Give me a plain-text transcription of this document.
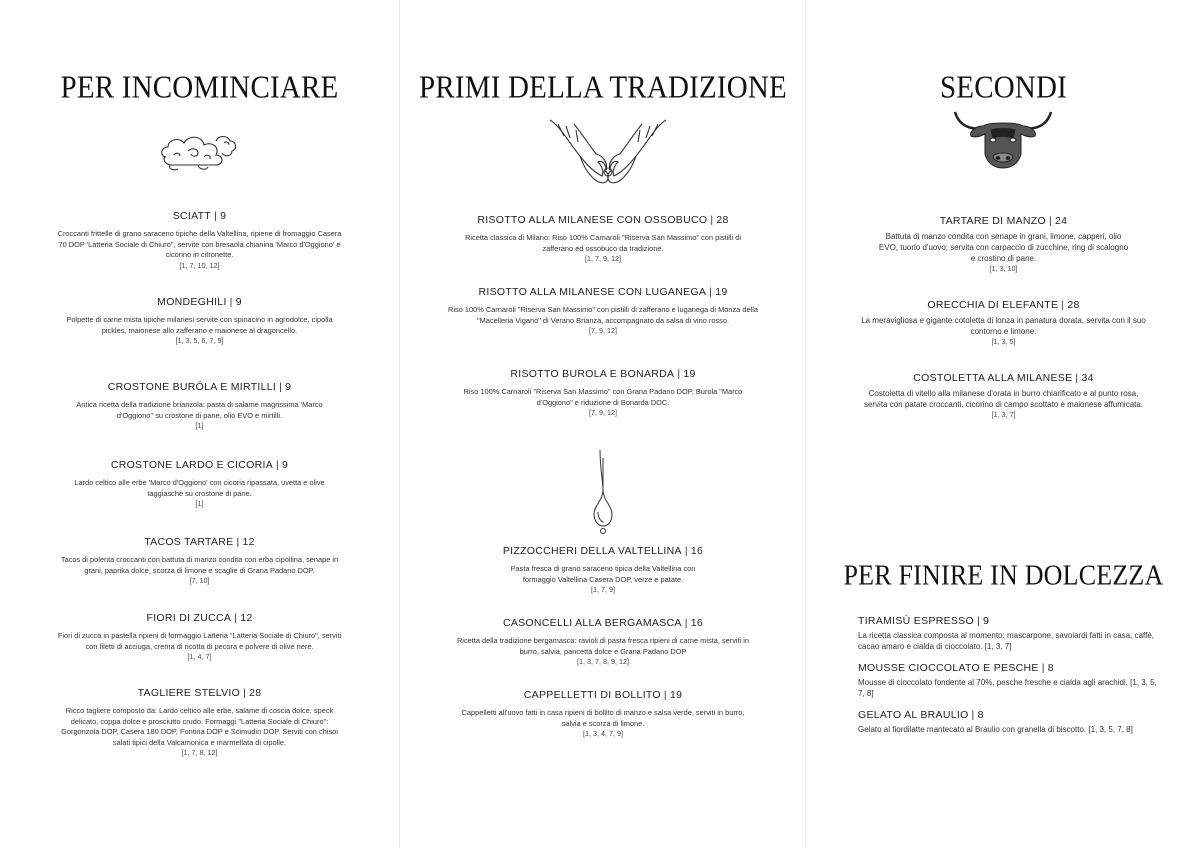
PER INCOMINCIARE
SCIATT | 9
Croccanti frittelle di grano saraceno tipiche della Valtellina, ripiene di fromaggio Casera 70 DOP 'Latteria Sociale di Chiuro'', servite con bresaola chianina 'Marco d'Oggiono' e cicorino in citronette.
[1, 7, 10, 12]
MONDEGHILI | 9
Polpette di carne mista tipiche milanesi servite con spinacino in agrodolce, cipolla pickles, maionese allo zafferano e maionese al dragoncello.
[1, 3, 5, 6, 7, 9]
CROSTONE BURÓLA E MIRTILLI | 9
Antica ricetta della tradizione brianzola: pasta di salame magrissima 'Marco d'Oggiono'' su crostone di pane, olio EVO e mirtilli.
[1]
CROSTONE LARDO E CICORIA | 9
Lardo celtico alle erbe 'Marco d'Oggiono' con cicoria ripassata, uvetta e olive taggiasche su crostone di pane.
[1]
TACOS TARTARE | 12
Tacos di polenta croccanti con battuta di manzo condita con erba cipollina, senape in grani, paprika dolce, scorza di limone e scaglie di Grana Padano DOP.
[7, 10]
FIORI DI ZUCCA | 12
Fiori di zucca in pastella ripieni di formaggio Latteria "Latteria Sociale di Chiuro", serviti con filetti di acciuga, crema di ricotta di pecora e polvere di olive nere.
[1, 4, 7]
TAGLIERE STELVIO | 28
Ricco tagliere composto da: Lardo celtico alle erbe, salame di coscia dolce, speck delicato, coppa dolce e prosciutto crudo. Formaggi "Latteria Sociale di Chiuro": Gorgonzola DOP, Casera 180 DOP, Fontina DOP e Scimudin DOP. Serviti con chisoi salati tipici della Valcamonica e marmellata di cipolle.
[1, 7, 8, 12]
PRIMI DELLA TRADIZIONE
RISOTTO ALLA MILANESE CON OSSOBUCO | 28
Ricetta classica di Milano: Riso 100% Carnaroli "Riserva San Massimo" con pistilli di zafferano ed ossobuco da tradizione.
[1, 7, 9, 12]
RISOTTO ALLA MILANESE CON LUGANEGA | 19
Riso 100% Carnaroli "Riserva San Massimo" con pistilli di zafferano e luganega di Monza della "Macelleria Viganò" di Verano Brianza, accompagnato da salsa di vino rosso.
[7, 9, 12]
RISOTTO BUROLA E BONARDA | 19
Riso 100% Carnaroli "Riserva San Massimo" con Grana Padano DOP, Burola "Marco d'Oggiono" e riduzione di Bonarda DOC.
[7, 9, 12]
PIZZOCCHERI DELLA VALTELLINA | 16
Pasta fresca di grano saraceno tipica della Valtellina con formaggio Valtellina Casera DOP, verze e patate.
[1, 7, 9]
CASONCELLI ALLA BERGAMASCA | 16
Ricetta della tradizione bergamasca: ravioli di pasta fresca ripieni di carne mista, serviti in burro, salvia, pancetta dolce e Grana Padano DOP
[1, 3, 7, 8, 9, 12]
CAPPELLETTI DI BOLLITO | 19
Cappelletti all'uovo fatti in casa ripieni di bollito di manzo e salsa verde, serviti in burro, salvia e scorza di limone.
[1, 3, 4, 7, 9]
SECONDI
TARTARE DI MANZO | 24
Battuta di manzo condita con senape in grani, limone, capperi, olio EVO, tuorlo d'uovo; servita con carpaccio di zucchine, ring di scalogno e crostino di pane.
[1, 3, 10]
ORECCHIA DI ELEFANTE | 28
La meravigliosa e gigante cotoletta di lonza in panatura dorata, servita con il suo contorno e limone.
[1, 3, 5]
COSTOLETTA ALLA MILANESE | 34
Costoletta di vitello alla milanese d'orata in burro chiarificato e al punto rosa, servita con patate croccanti, cicorino di campo scottato e maionese affumicata.
[1, 3, 7]
PER FINIRE IN DOLCEZZA
TIRAMISÙ ESPRESSO | 9
La ricetta classica composta al momento: mascarpone, savoiardi fatti in casa, caffè, cacao amaro e cialda di cioccolato. [1, 3, 7]
MOUSSE CIOCCOLATO E PESCHE | 8
Mousse di cioccolato fondente al 70%, pesche fresche e cialda agli arachidi. [1, 3, 5, 7, 8]
GELATO AL BRAULIO | 8
Gelato al fiordilatte mantecato al Braulio con granella di biscotto. [1, 3, 5, 7, 8]
